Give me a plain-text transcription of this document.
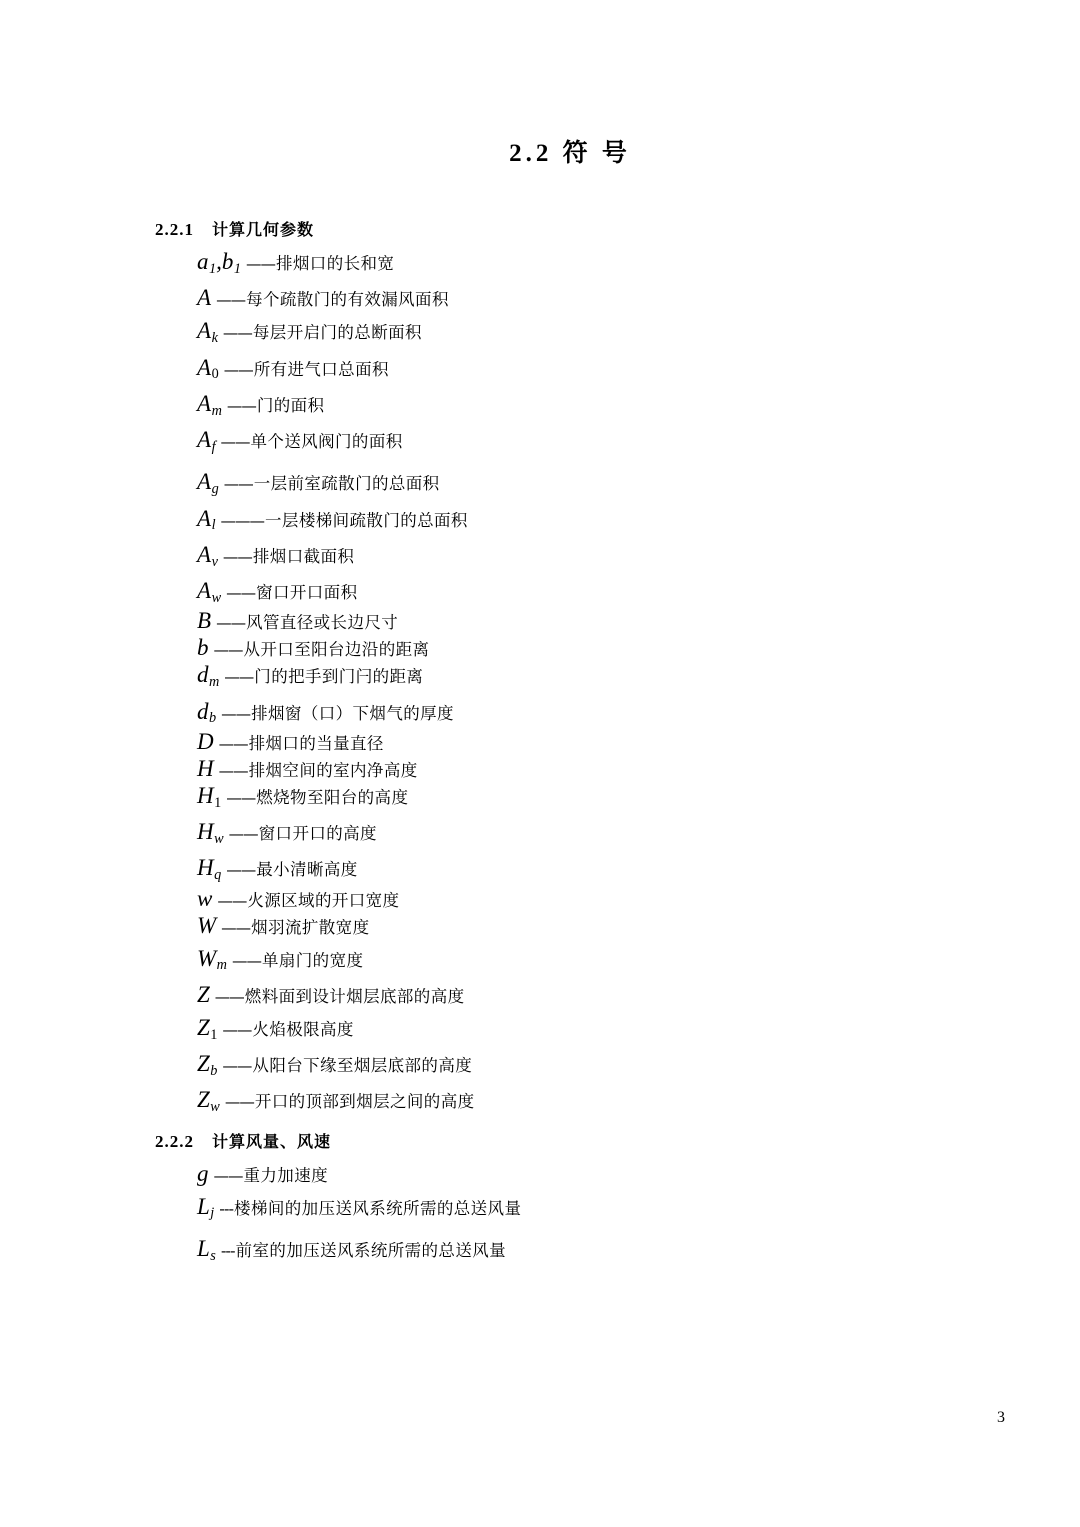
2.2 符 号
2.2.1 计算几何参数
$a_1,b_1$ —— 排烟口的长和宽
A —— 每个疏散门的有效漏风面积
$A_k$ —— 每层开启门的总断面积
$A_0$ —— 所有进气口总面积
$A_m$ —— 门的面积
$A_f$ —— 单个送风阀门的面积
$A_g$ —— 一层前室疏散门的总面积
$A_l$ ——— 一层楼梯间疏散门的总面积
$A_v$ —— 排烟口截面积
$A_w$ —— 窗口开口面积
B —— 风管直径或长边尺寸
b —— 从开口至阳台边沿的距离
$d_m$ —— 门的把手到门闩的距离
$d_b$ —— 排烟窗（口）下烟气的厚度
D —— 排烟口的当量直径
H —— 排烟空间的室内净高度
$H_1$ —— 燃烧物至阳台的高度
$H_w$ —— 窗口开口的高度
$H_q$ —— 最小清晰高度
w —— 火源区域的开口宽度
W —— 烟羽流扩散宽度
$W_m$ —— 单扇门的宽度
Z —— 燃料面到设计烟层底部的高度
$Z_1$ —— 火焰极限高度
$Z_b$ —— 从阳台下缘至烟层底部的高度
$Z_w$ —— 开口的顶部到烟层之间的高度
2.2.2 计算风量、风速
g —— 重力加速度
$L_j$ --- 楼梯间的加压送风系统所需的总送风量
$L_s$ --- 前室的加压送风系统所需的总送风量
3
